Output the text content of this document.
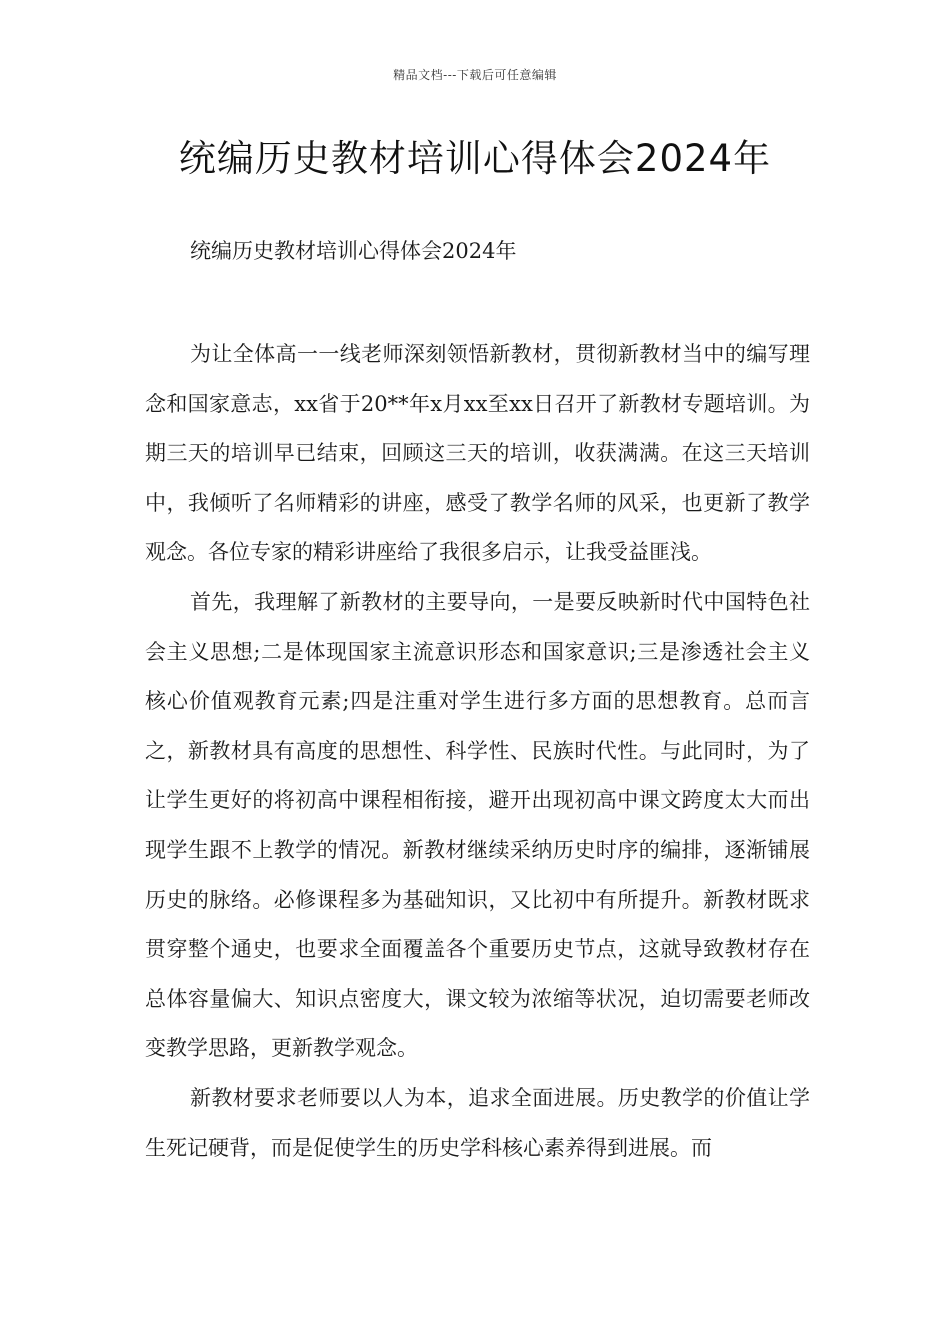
精品文档---下载后可任意编辑
统编历史教材培训心得体会2024年
统编历史教材培训心得体会2024年

为让全体高一一线老师深刻领悟新教材，贯彻新教材当中的编写理念和国家意志，xx省于20**年x月xx至xx日召开了新教材专题培训。为期三天的培训早已结束，回顾这三天的培训，收获满满。在这三天培训中，我倾听了名师精彩的讲座，感受了教学名师的风采，也更新了教学观念。各位专家的精彩讲座给了我很多启示，让我受益匪浅。

首先，我理解了新教材的主要导向，一是要反映新时代中国特色社会主义思想;二是体现国家主流意识形态和国家意识;三是渗透社会主义核心价值观教育元素;四是注重对学生进行多方面的思想教育。总而言之，新教材具有高度的思想性、科学性、民族时代性。与此同时，为了让学生更好的将初高中课程相衔接，避开出现初高中课文跨度太大而出现学生跟不上教学的情况。新教材继续采纳历史时序的编排，逐渐铺展历史的脉络。必修课程多为基础知识，又比初中有所提升。新教材既求贯穿整个通史，也要求全面覆盖各个重要历史节点，这就导致教材存在总体容量偏大、知识点密度大，课文较为浓缩等状况，迫切需要老师改变教学思路，更新教学观念。

新教材要求老师要以人为本，追求全面进展。历史教学的价值让学生死记硬背，而是促使学生的历史学科核心素养得到进展。而
